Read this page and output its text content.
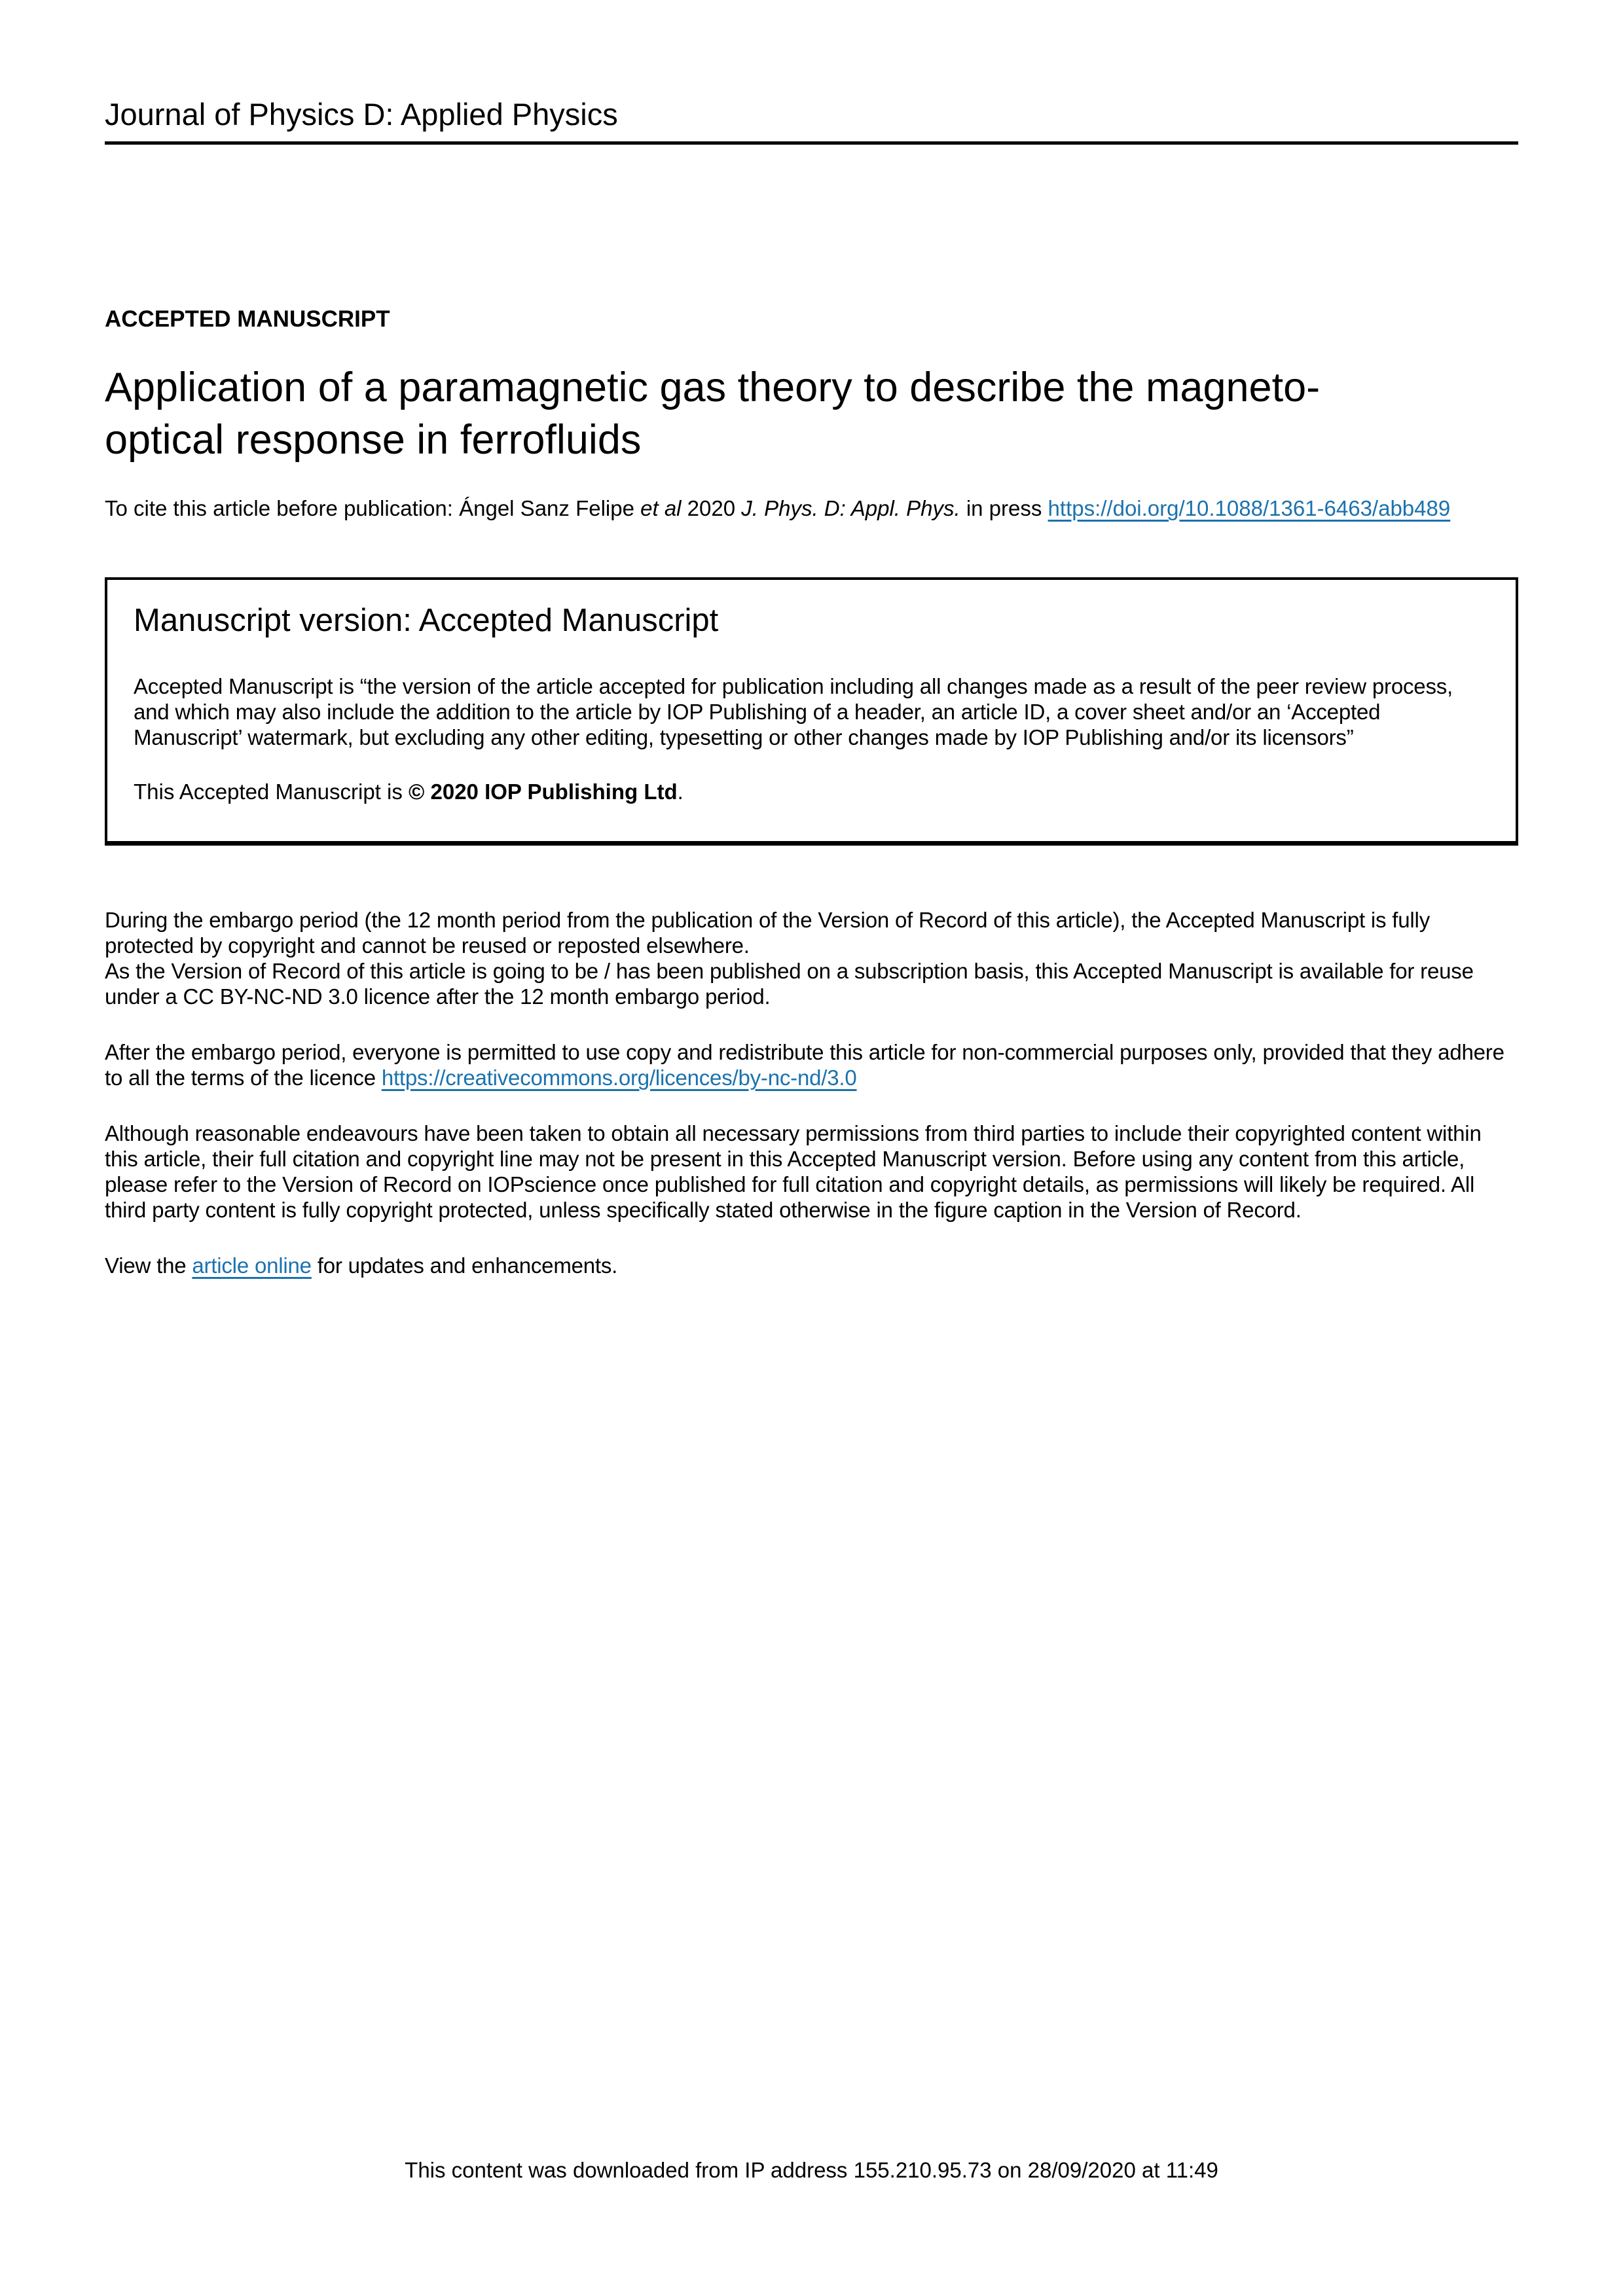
Journal of Physics D: Applied Physics
ACCEPTED MANUSCRIPT
Application of a paramagnetic gas theory to describe the magneto-
optical response in ferrofluids
To cite this article before publication: Ángel Sanz Felipe et al 2020 J. Phys. D: Appl. Phys. in press https://doi.org/10.1088/1361-6463/abb489
Manuscript version: Accepted Manuscript
Accepted Manuscript is “the version of the article accepted for publication including all changes made as a result of the peer review process, and which may also include the addition to the article by IOP Publishing of a header, an article ID, a cover sheet and/or an ‘Accepted Manuscript’ watermark, but excluding any other editing, typesetting or other changes made by IOP Publishing and/or its licensors”
This Accepted Manuscript is © 2020 IOP Publishing Ltd.
During the embargo period (the 12 month period from the publication of the Version of Record of this article), the Accepted Manuscript is fully protected by copyright and cannot be reused or reposted elsewhere.
As the Version of Record of this article is going to be / has been published on a subscription basis, this Accepted Manuscript is available for reuse under a CC BY-NC-ND 3.0 licence after the 12 month embargo period.
After the embargo period, everyone is permitted to use copy and redistribute this article for non-commercial purposes only, provided that they adhere to all the terms of the licence https://creativecommons.org/licences/by-nc-nd/3.0
Although reasonable endeavours have been taken to obtain all necessary permissions from third parties to include their copyrighted content within this article, their full citation and copyright line may not be present in this Accepted Manuscript version. Before using any content from this article, please refer to the Version of Record on IOPscience once published for full citation and copyright details, as permissions will likely be required. All third party content is fully copyright protected, unless specifically stated otherwise in the figure caption in the Version of Record.
View the article online for updates and enhancements.
This content was downloaded from IP address 155.210.95.73 on 28/09/2020 at 11:49
